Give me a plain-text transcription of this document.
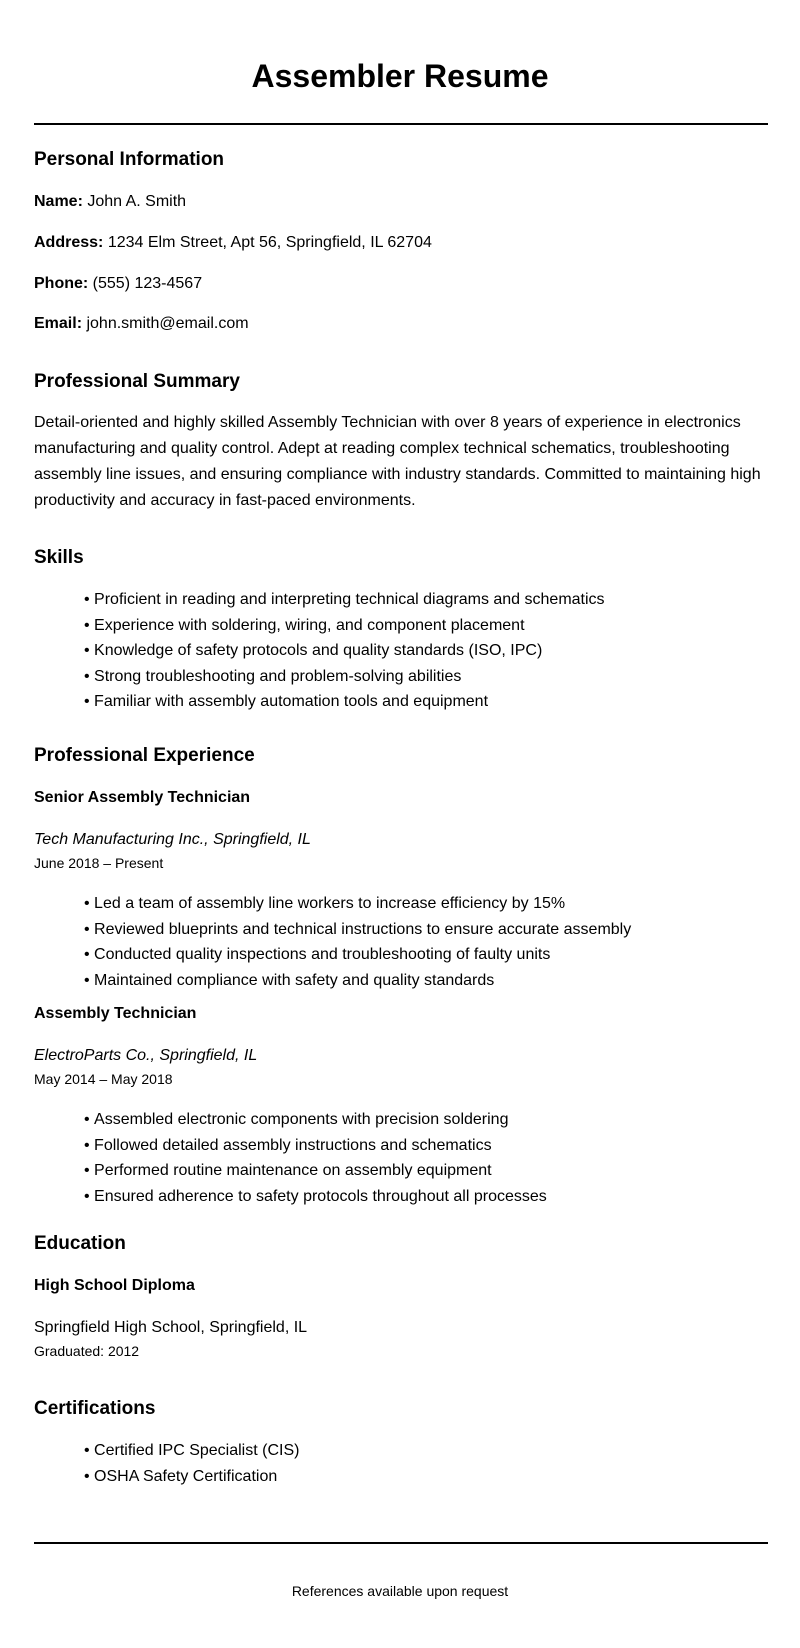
Assembler Resume
Personal Information

Name: John A. Smith

Address: 1234 Elm Street, Apt 56, Springfield, IL 62704

Phone: (555) 123-4567

Email: john.smith@email.com

Professional Summary

Detail-oriented and highly skilled Assembly Technician with over 8 years of experience in electronics manufacturing and quality control. Adept at reading complex technical schematics, troubleshooting assembly line issues, and ensuring compliance with industry standards. Committed to maintaining high productivity and accuracy in fast-paced environments.

Skills
• Proficient in reading and interpreting technical diagrams and schematics
• Experience with soldering, wiring, and component placement
• Knowledge of safety protocols and quality standards (ISO, IPC)
• Strong troubleshooting and problem-solving abilities
• Familiar with assembly automation tools and equipment
Professional Experience
Senior Assembly Technician

Tech Manufacturing Inc., Springfield, IL

June 2018 – Present

• Led a team of assembly line workers to increase efficiency by 15%
• Reviewed blueprints and technical instructions to ensure accurate assembly
• Conducted quality inspections and troubleshooting of faulty units
• Maintained compliance with safety and quality standards
Assembly Technician

ElectroParts Co., Springfield, IL

May 2014 – May 2018

• Assembled electronic components with precision soldering
• Followed detailed assembly instructions and schematics
• Performed routine maintenance on assembly equipment
• Ensured adherence to safety protocols throughout all processes
Education
High School Diploma

Springfield High School, Springfield, IL

Graduated: 2012

Certifications
• Certified IPC Specialist (CIS)
• OSHA Safety Certification

References available upon request
